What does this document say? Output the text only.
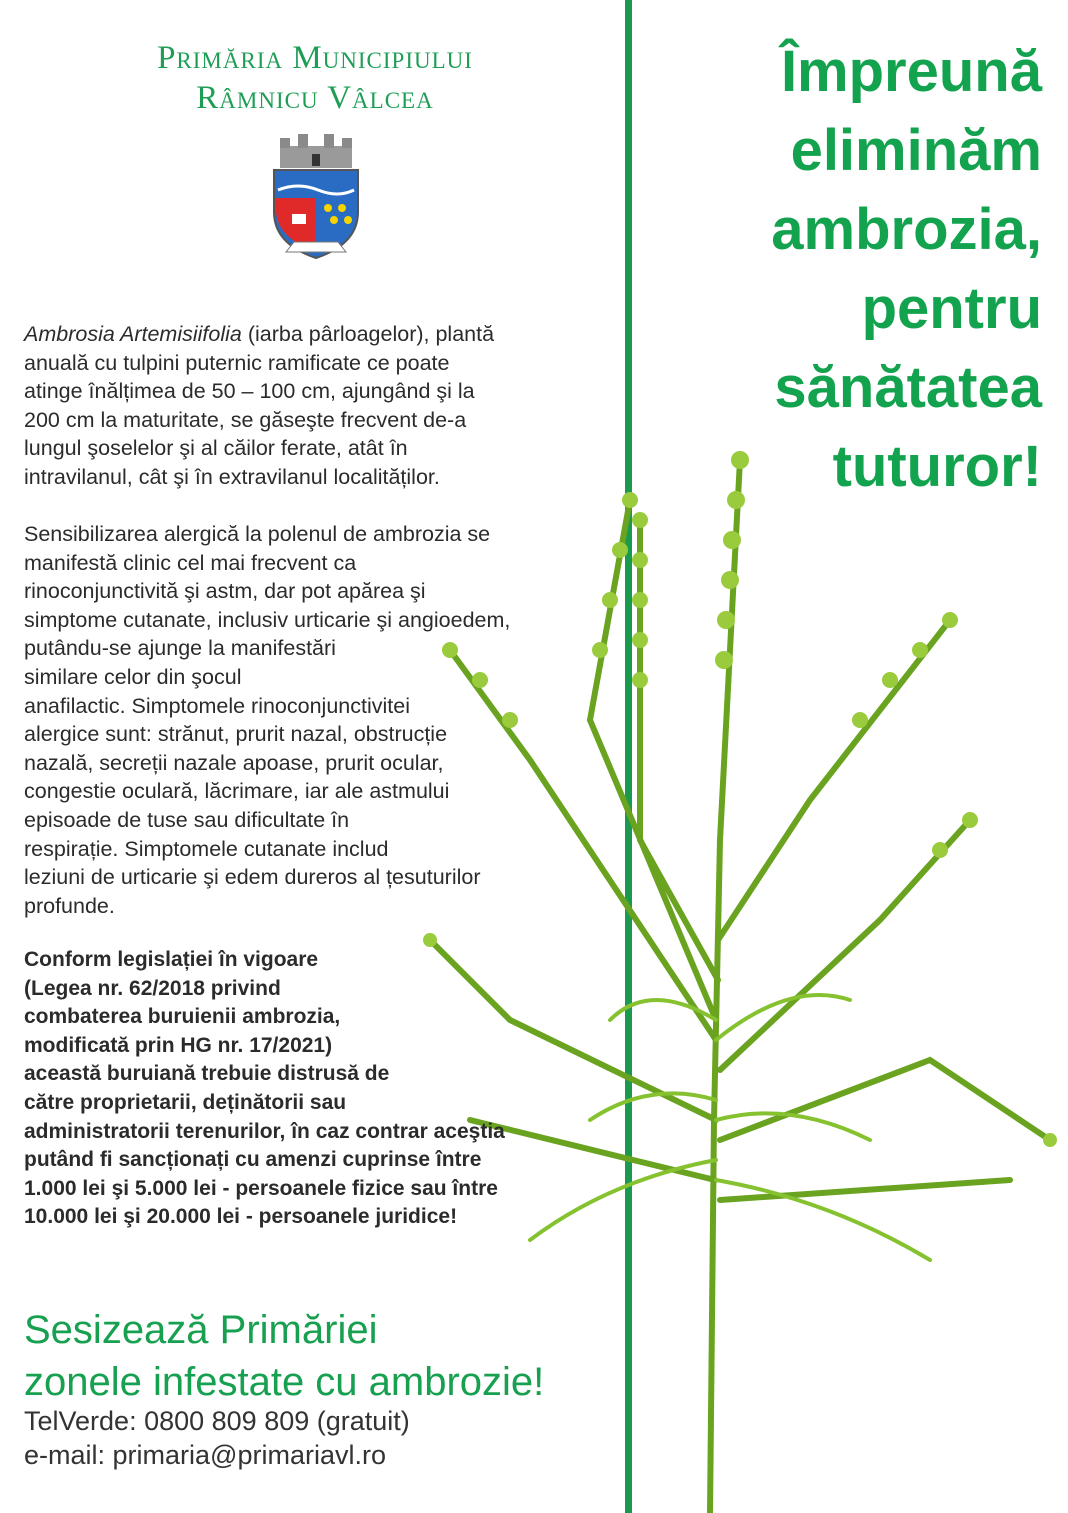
Primăria Municipiului
Râmnicu Vâlcea	Împreună
eliminăm
ambrozia,
pentru
sănătatea
tuturor!
Ambrosia Artemisiifolia (iarba pârloagelor), plantă
anuală cu tulpini puternic ramificate ce poate
atinge înălțimea de 50 – 100 cm, ajungând şi la
200 cm la maturitate, se găseşte frecvent de-a
lungul şoselelor şi al căilor ferate, atât în
intravilanul, cât şi în extravilanul localităților.
Sensibilizarea alergică la polenul de ambrozia se
manifestă clinic cel mai frecvent ca
rinoconjunctivită şi astm, dar pot apărea şi
simptome cutanate, inclusiv urticarie şi angioedem,
putându-se ajunge la manifestări
similare celor din şocul
anafilactic. Simptomele rinoconjunctivitei
alergice sunt: strănut, prurit nazal, obstrucție
nazală, secreții nazale apoase, prurit ocular,
congestie oculară, lăcrimare, iar ale astmului
episoade de tuse sau dificultate în
respirație. Simptomele cutanate includ
leziuni de urticarie şi edem dureros al țesuturilor
profunde.
Conform legislației în vigoare
(Legea nr. 62/2018 privind
combaterea buruienii ambrozia,
modificată prin HG nr. 17/2021)
această buruiană trebuie distrusă de
către proprietarii, deținătorii sau
administratorii terenurilor, în caz contrar aceştia
putând fi sancționați cu amenzi cuprinse între
1.000 lei şi 5.000 lei - persoanele fizice sau între
10.000 lei şi 20.000 lei - persoanele juridice!
Sesizează Primăriei
zonele infestate cu ambrozie!
TelVerde: 0800 809 809 (gratuit)
e-mail: primaria@primariavl.ro
